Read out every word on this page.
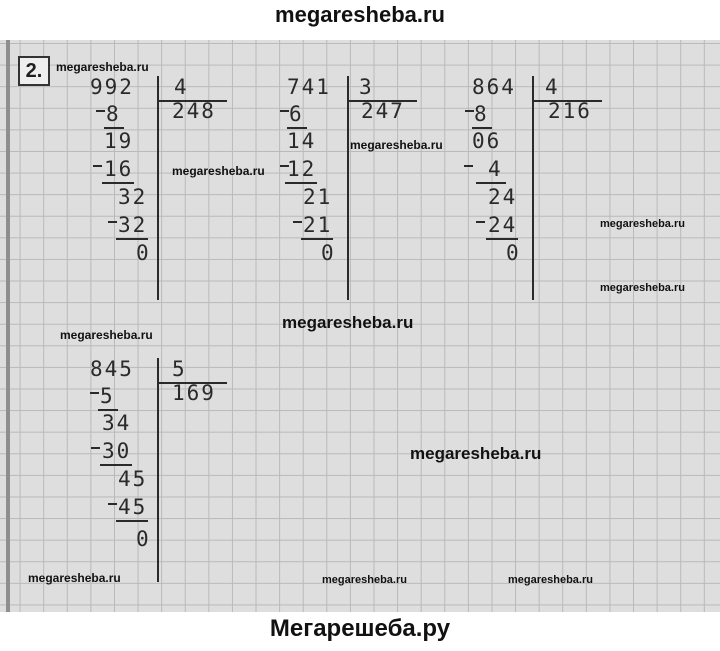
megaresheba.ru
2.
992 4
248
8
19
16
32
32
0
741 3
247
6
14
12
21
21
0
864 4
216
8
06
4
24
24
0
845 5
169
5
34
30
45
45
0
megaresheba.ru
megaresheba.ru
megaresheba.ru
megaresheba.ru
megaresheba.ru
megaresheba.ru
megaresheba.ru
megaresheba.ru
megaresheba.ru	megaresheba.ru	megaresheba.ru
Мегарешеба.ру
